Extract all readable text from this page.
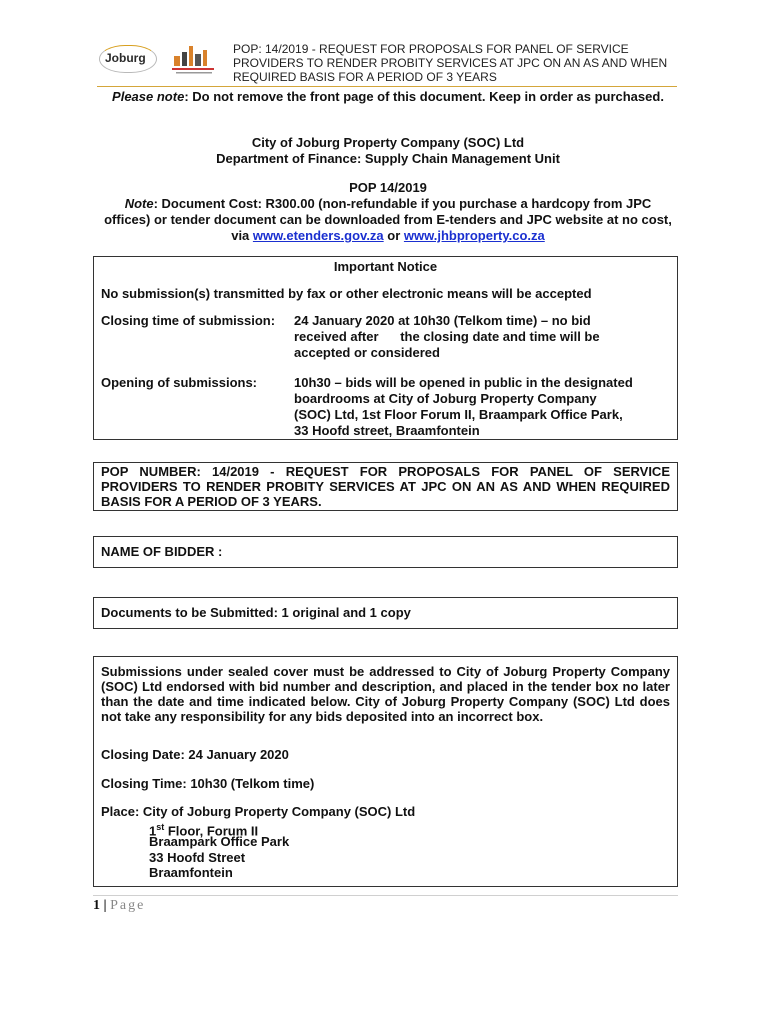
Joburg
POP: 14/2019 - REQUEST FOR PROPOSALS FOR PANEL OF SERVICE PROVIDERS TO RENDER PROBITY SERVICES AT JPC ON AN AS AND WHEN REQUIRED BASIS FOR A PERIOD OF 3 YEARS
Please note: Do not remove the front page of this document. Keep in order as purchased.
City of Joburg Property Company (SOC) Ltd
Department of Finance: Supply Chain Management Unit
POP 14/2019
Note: Document Cost: R300.00 (non-refundable if you purchase a hardcopy from JPC offices) or tender document can be downloaded from E-tenders and JPC website at no cost, via www.etenders.gov.za or www.jhbproperty.co.za
Important Notice
No submission(s) transmitted by fax or other electronic means will be accepted
Closing time of submission: 24 January 2020 at 10h30 (Telkom time) – no bid
received after      the closing date and time will be
accepted or considered
Opening of submissions:	10h30 – bids will be opened in public in the designated
boardrooms at City of Joburg Property Company
(SOC) Ltd, 1st Floor Forum II, Braampark Office Park,
33 Hoofd street, Braamfontein
POP NUMBER: 14/2019 - REQUEST FOR PROPOSALS FOR PANEL OF SERVICE PROVIDERS TO RENDER PROBITY SERVICES AT JPC ON AN AS AND WHEN REQUIRED BASIS FOR A PERIOD OF 3 YEARS.
NAME OF BIDDER :
Documents to be Submitted: 1 original and 1 copy
Submissions under sealed cover must be addressed to City of Joburg Property Company (SOC) Ltd endorsed with bid number and description, and placed in the tender box no later than the date and time indicated below. City of Joburg Property Company (SOC) Ltd does not take any responsibility for any bids deposited into an incorrect box.
Closing Date: 24 January 2020
Closing Time: 10h30 (Telkom time)
Place: City of Joburg Property Company (SOC) Ltd
1st Floor, Forum II
Braampark Office Park
33 Hoofd Street
Braamfontein
1 | Page
